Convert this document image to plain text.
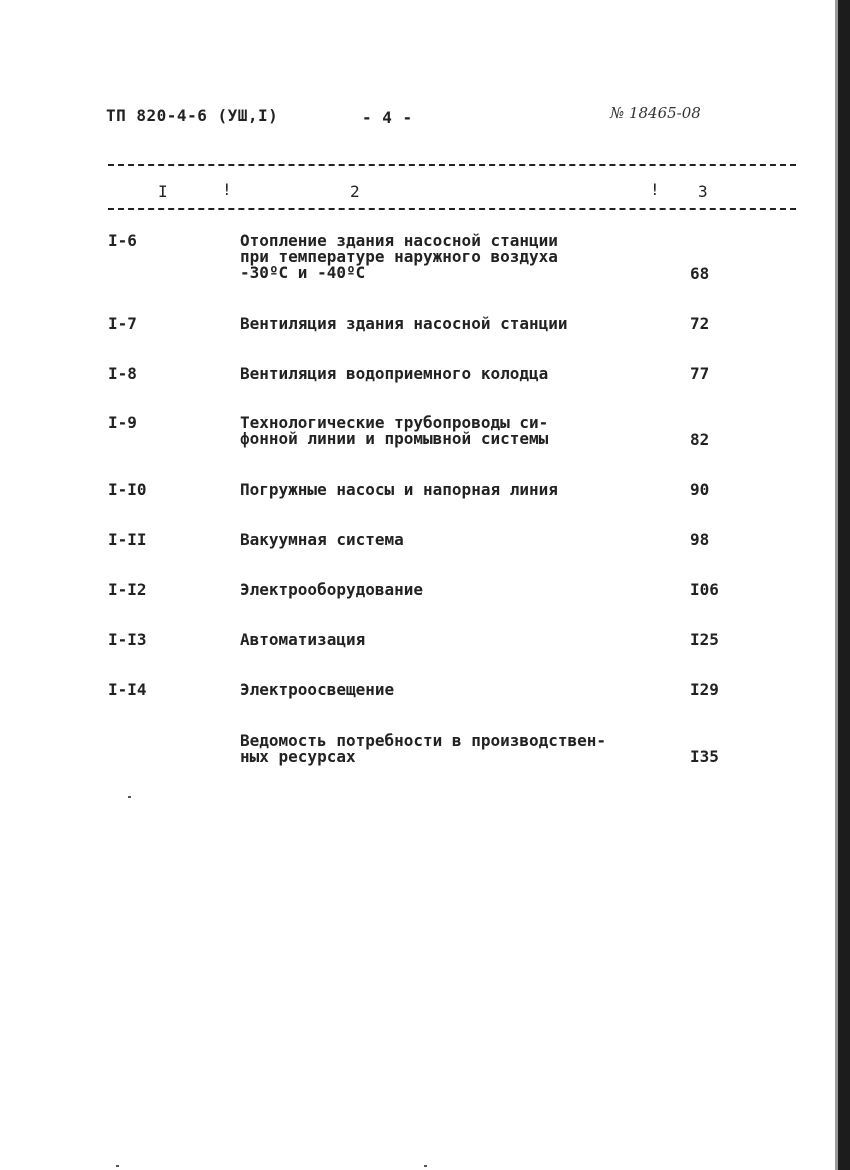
ТП 820-4-6 (УШ,I)	- 4 -	№ 18465-08
I	!	2	! 3
I-6	Отопление здания насосной станции
при температуре наружного воздуха
-30ºС и -40ºС	68
I-7	Вентиляция здания насосной станции	72
I-8	Вентиляция водоприемного колодца	77
I-9	Технологические трубопроводы си-
фонной линии и промывной системы	82
I-I0	Погружные насосы и напорная линия	90
I-II	Вакуумная система	98
I-I2	Электрооборудование	I06
I-I3	Автоматизация	I25
I-I4	Электроосвещение	I29
Ведомость потребности в производствен-
ных ресурсах	I35
